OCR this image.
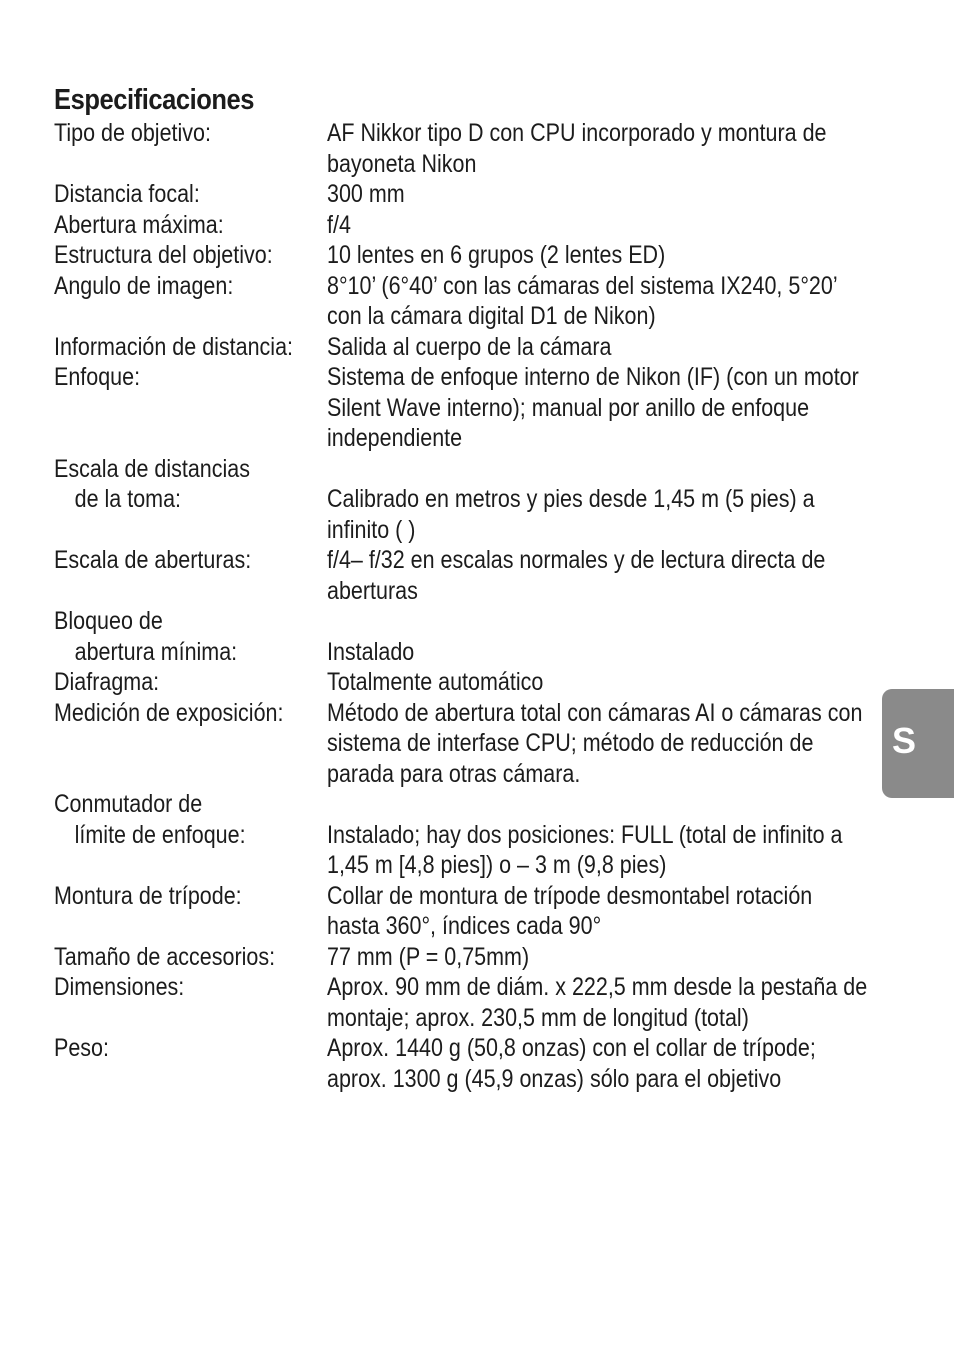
Especificaciones
Tipo de objetivo:	AF Nikkor tipo D con CPU incorporado y montura de
bayoneta Nikon
Distancia focal:	300 mm
Abertura máxima:	f/4
Estructura del objetivo:	10 lentes en 6 grupos (2 lentes ED)
Angulo de imagen:	8°10’ (6°40’ con las cámaras del sistema IX240, 5°20’
con la cámara digital D1 de Nikon)
Información de distancia: Salida al cuerpo de la cámara
Enfoque:	Sistema de enfoque interno de Nikon (IF) (con un motor
Silent Wave interno); manual por anillo de enfoque
independiente
Escala de distancias
de la toma:
	Calibrado en metros y pies desde 1,45 m (5 pies) a
infinito ( )
Escala de aberturas:	f/4– f/32 en escalas normales y de lectura directa de
aberturas
Bloqueo de
abertura mínima:
	Instalado
Diafragma:	Totalmente automático
Medición de exposición: Método de abertura total con cámaras AI o cámaras con
sistema de interfase CPU; método de reducción de
parada para otras cámara.
Conmutador de
límite de enfoque:
	Instalado; hay dos posiciones: FULL (total de infinito a
1,45 m [4,8 pies]) o – 3 m (9,8 pies)
Montura de trípode:	Collar de montura de trípode desmontabel rotación
hasta 360°, índices cada 90°
Tamaño de accesorios:	77 mm (P = 0,75mm)
Dimensiones:	Aprox. 90 mm de diám. x 222,5 mm desde la pestaña de
montaje; aprox. 230,5 mm de longitud (total)
Peso:	Aprox. 1440 g (50,8 onzas) con el collar de trípode;
aprox. 1300 g (45,9 onzas) sólo para el objetivo
S
